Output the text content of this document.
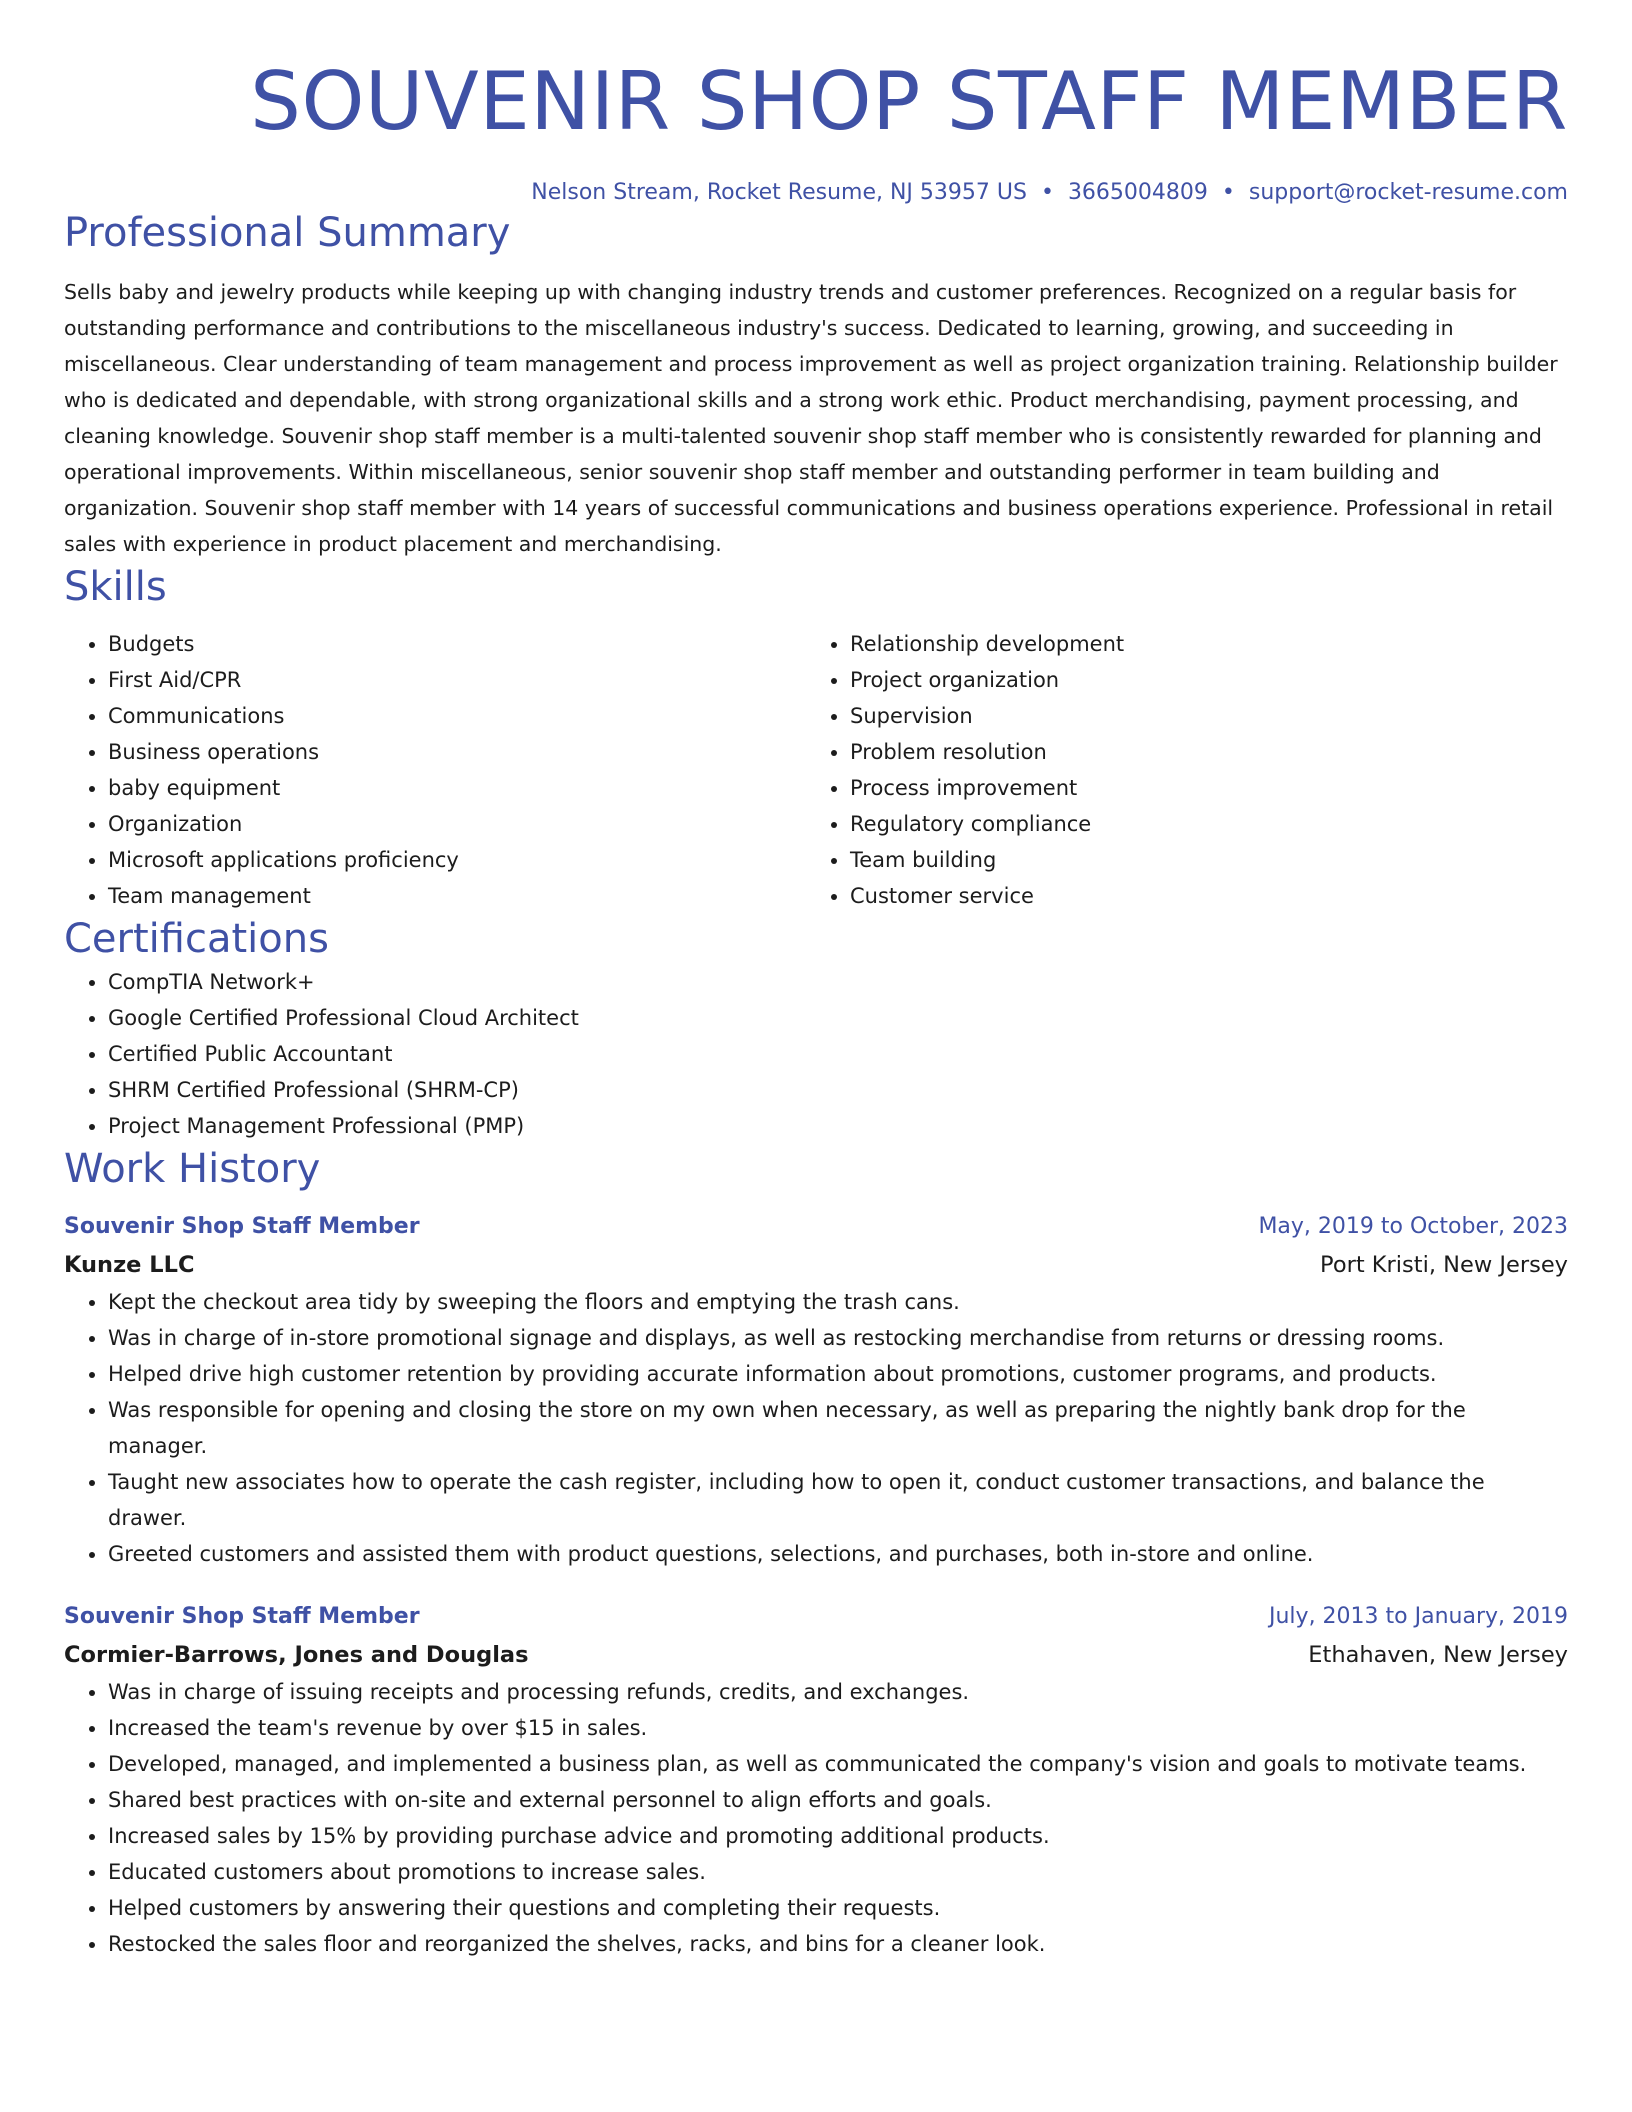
SOUVENIR SHOP STAFF MEMBER
Nelson Stream, Rocket Resume, NJ 53957 US • 3665004809 • support@rocket-resume.com
Professional Summary

Sells baby and jewelry products while keeping up with changing industry trends and customer preferences. Recognized on a regular basis for outstanding performance and contributions to the miscellaneous industry's success. Dedicated to learning, growing, and succeeding in miscellaneous. Clear understanding of team management and process improvement as well as project organization training. Relationship builder who is dedicated and dependable, with strong organizational skills and a strong work ethic. Product merchandising, payment processing, and cleaning knowledge. Souvenir shop staff member is a multi-talented souvenir shop staff member who is consistently rewarded for planning and operational improvements. Within miscellaneous, senior souvenir shop staff member and outstanding performer in team building and organization. Souvenir shop staff member with 14 years of successful communications and business operations experience. Professional in retail sales with experience in product placement and merchandising.

Skills
• Budgets
• First Aid/CPR
• Communications
• Business operations
• baby equipment
• Organization
• Microsoft applications proficiency
• Team management
• Relationship development
• Project organization
• Supervision
• Problem resolution
• Process improvement
• Regulatory compliance
• Team building
• Customer service
Certifications
• CompTIA Network+
• Google Certified Professional Cloud Architect
• Certified Public Accountant
• SHRM Certified Professional (SHRM-CP)
• Project Management Professional (PMP)
Work History
Souvenir Shop Staff Member	May, 2019 to October, 2023
Kunze LLC	Port Kristi, New Jersey
• Kept the checkout area tidy by sweeping the floors and emptying the trash cans.
• Was in charge of in-store promotional signage and displays, as well as restocking merchandise from returns or dressing rooms.
• Helped drive high customer retention by providing accurate information about promotions, customer programs, and products.
• Was responsible for opening and closing the store on my own when necessary, as well as preparing the nightly bank drop for the manager.
• Taught new associates how to operate the cash register, including how to open it, conduct customer transactions, and balance the drawer.
• Greeted customers and assisted them with product questions, selections, and purchases, both in-store and online.
Souvenir Shop Staff Member	July, 2013 to January, 2019
Cormier-Barrows, Jones and Douglas	Ethahaven, New Jersey
• Was in charge of issuing receipts and processing refunds, credits, and exchanges.
• Increased the team's revenue by over $15 in sales.
• Developed, managed, and implemented a business plan, as well as communicated the company's vision and goals to motivate teams.
• Shared best practices with on-site and external personnel to align efforts and goals.
• Increased sales by 15% by providing purchase advice and promoting additional products.
• Educated customers about promotions to increase sales.
• Helped customers by answering their questions and completing their requests.
• Restocked the sales floor and reorganized the shelves, racks, and bins for a cleaner look.
